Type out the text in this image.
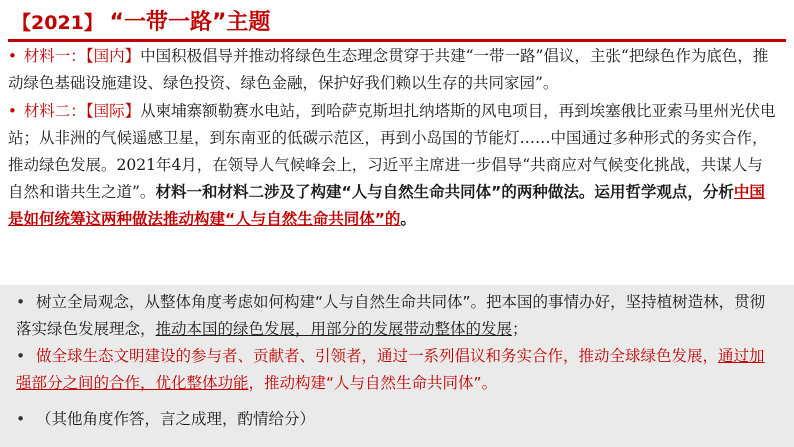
【2021】 “一带一路”主题
• 材料一：【国内】中国积极倡导并推动将绿色生态理念贯穿于共建“一带一路”倡议，主张“把绿色作为底色，推动绿色基础设施建设、绿色投资、绿色金融，保护好我们赖以生存的共同家园”。
• 材料二：【国际】从柬埔寨额勒赛水电站，到哈萨克斯坦扎纳塔斯的风电项目，再到埃塞俄比亚索马里州光伏电站；从非洲的气候遥感卫星，到东南亚的低碳示范区，再到小岛国的节能灯……中国通过多种形式的务实合作，推动绿色发展。2021年4月，在领导人气候峰会上，习近平主席进一步倡导“共商应对气候变化挑战，共谋人与自然和谐共生之道”。材料一和材料二涉及了构建“人与自然生命共同体”的两种做法。运用哲学观点，分析中国是如何统筹这两种做法推动构建“人与自然生命共同体”的。
• 树立全局观念，从整体角度考虑如何构建“人与自然生命共同体”。把本国的事情办好，坚持植树造林，贯彻落实绿色发展理念，推动本国的绿色发展，用部分的发展带动整体的发展；
• 做全球生态文明建设的参与者、贡献者、引领者，通过一系列倡议和务实合作，推动全球绿色发展，通过加强部分之间的合作，优化整体功能，推动构建“人与自然生命共同体”。
• （其他角度作答，言之成理，酌情给分）
